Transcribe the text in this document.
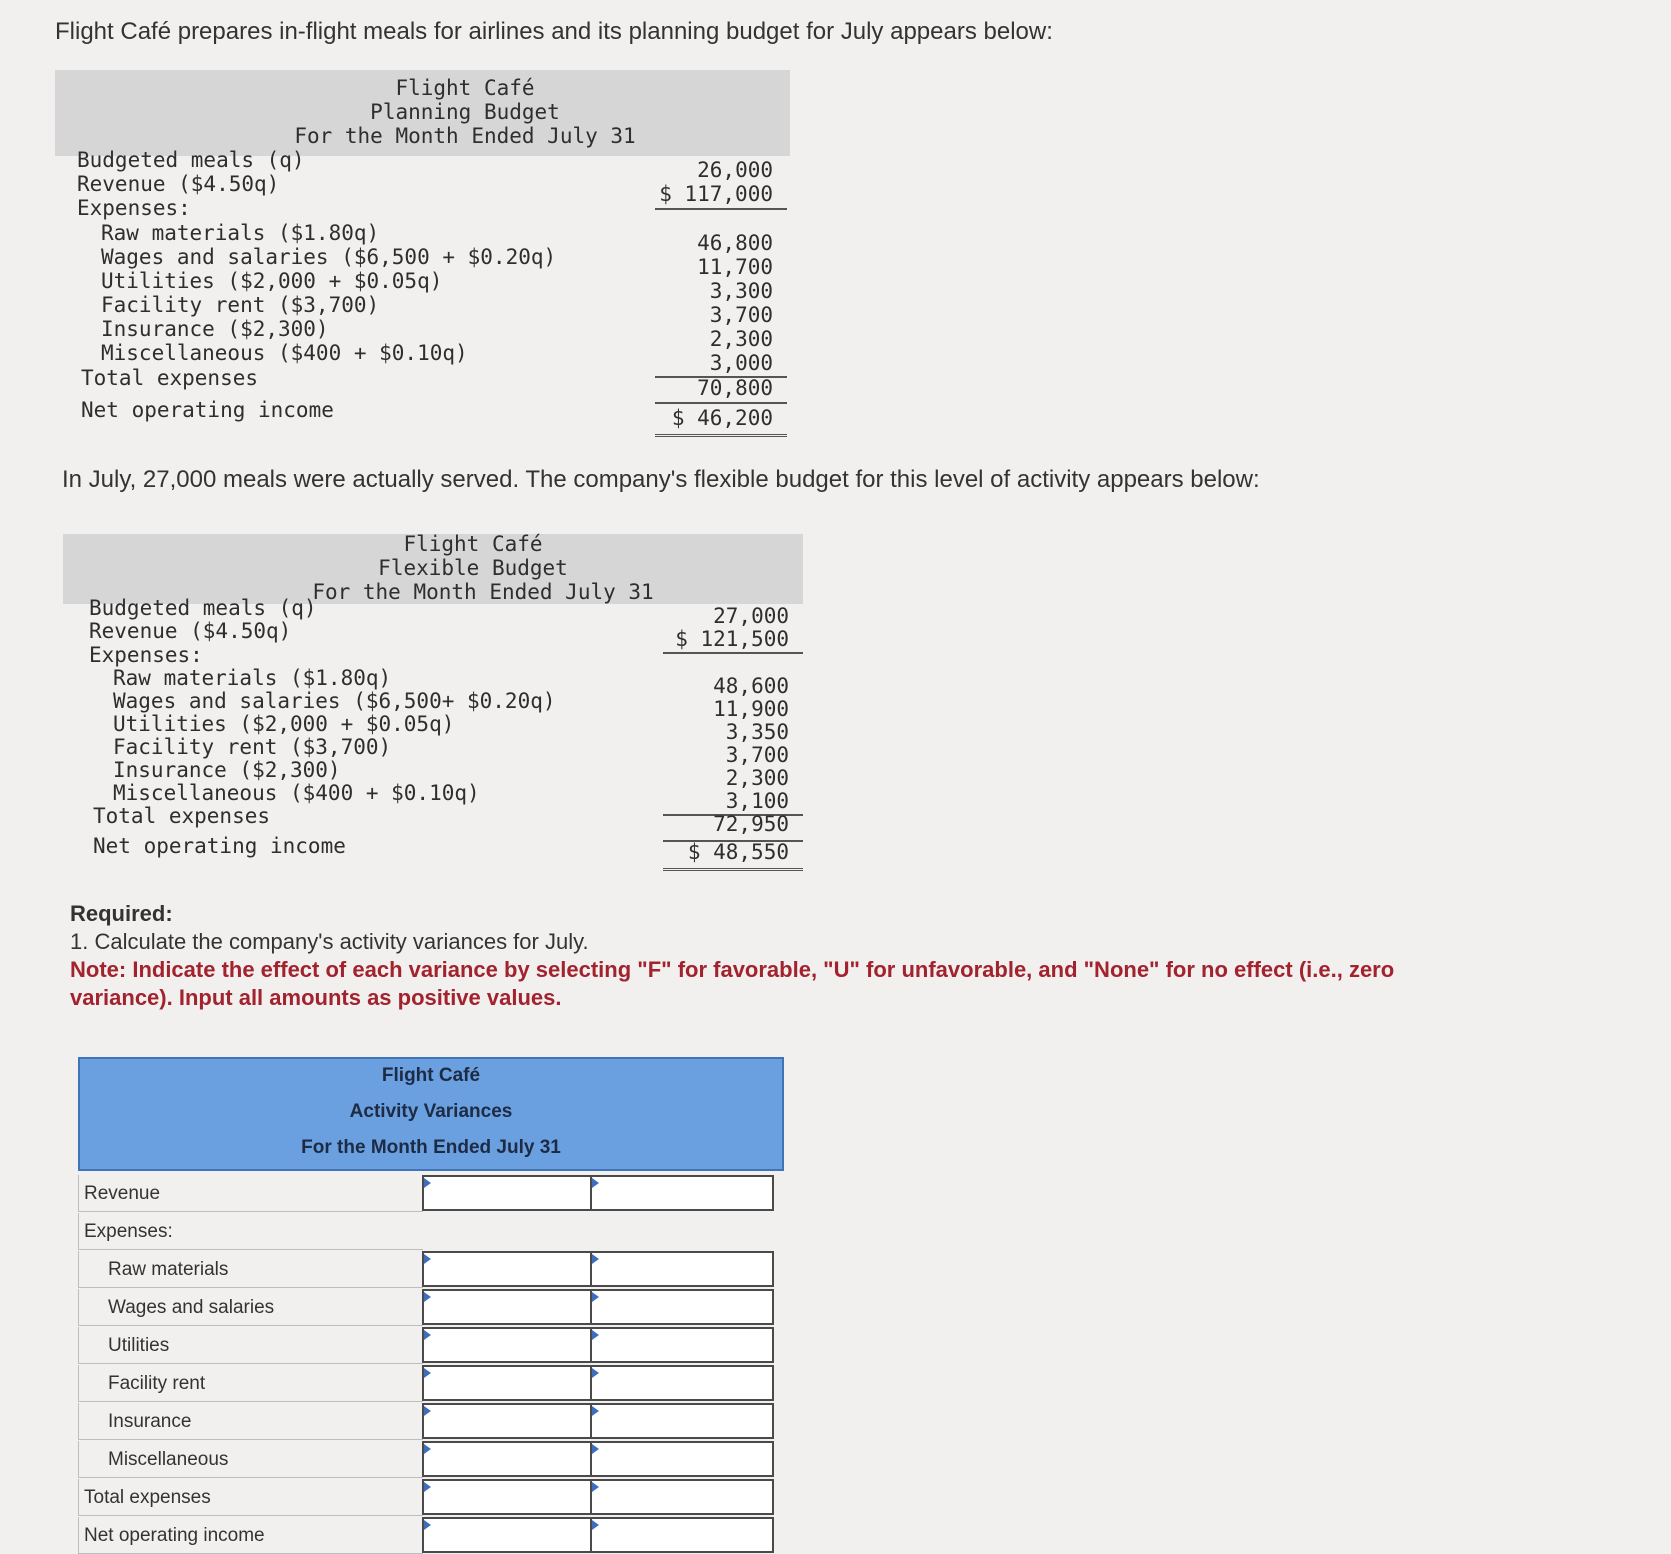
Flight Café prepares in-flight meals for airlines and its planning budget for July appears below:
Flight Café
Planning Budget
For the Month Ended July 31
Budgeted meals (q)	26,000
Revenue ($4.50q)	$ 117,000
Expenses:
Raw materials ($1.80q)	46,800
Wages and salaries ($6,500 + $0.20q)	11,700
Utilities ($2,000 + $0.05q)	3,300
Facility rent ($3,700)	3,700
Insurance ($2,300)	2,300
Miscellaneous ($400 + $0.10q)	3,000
Total expenses	70,800
Net operating income	$ 46,200
In July, 27,000 meals were actually served. The company's flexible budget for this level of activity appears below:
Flight Café
Flexible Budget
For the Month Ended July 31
Budgeted meals (q)	27,000
Revenue ($4.50q)	$ 121,500
Expenses:
Raw materials ($1.80q)	48,600
Wages and salaries ($6,500+ $0.20q)	11,900
Utilities ($2,000 + $0.05q)	3,350
Facility rent ($3,700)	3,700
Insurance ($2,300)	2,300
Miscellaneous ($400 + $0.10q)	3,100
Total expenses	72,950
Net operating income	$ 48,550
Required:
1. Calculate the company's activity variances for July.
Note: Indicate the effect of each variance by selecting "F" for favorable, "U" for unfavorable, and "None" for no effect (i.e., zero variance). Input all amounts as positive values.
Flight Café
Activity Variances
For the Month Ended July 31
Revenue
Expenses:
Raw materials
Wages and salaries
Utilities
Facility rent
Insurance
Miscellaneous
Total expenses
Net operating income
